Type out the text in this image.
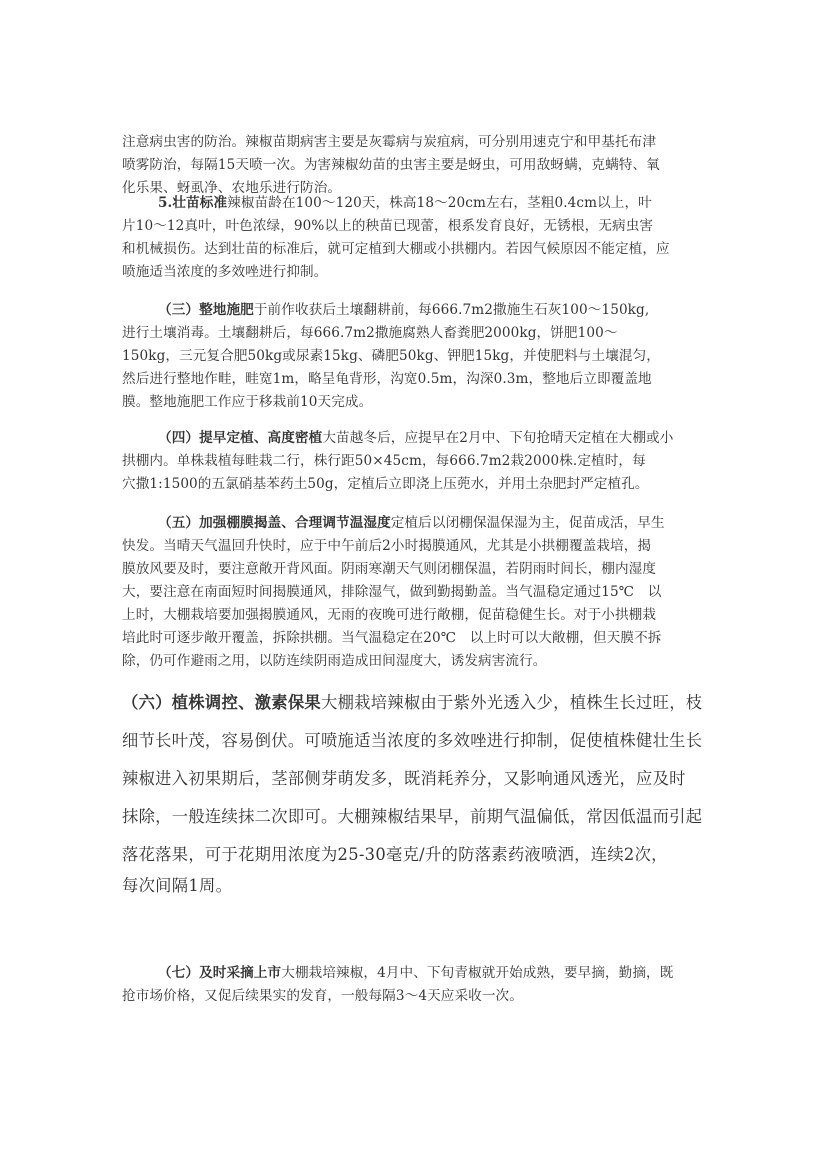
注意病虫害的防治。辣椒苗期病害主要是灰霉病与炭疽病，可分别用速克宁和甲基托布津
喷雾防治，每隔15天喷一次。为害辣椒幼苗的虫害主要是蚜虫，可用敌蚜螨，克螨特、氧
化乐果、蚜虱净、农地乐进行防治。

5.壮苗标准辣椒苗龄在100～120天，株高18～20cm左右，茎粗0.4cm以上，叶
片10～12真叶，叶色浓绿，90%以上的秧苗已现蕾，根系发育良好，无锈根，无病虫害
和机械损伤。达到壮苗的标准后，就可定植到大棚或小拱棚内。若因气候原因不能定植，应
喷施适当浓度的多效唑进行抑制。

（三）整地施肥于前作收获后土壤翻耕前，每666.7m2撒施生石灰100～150kg,
进行土壤消毒。土壤翻耕后，每666.7m2撒施腐熟人畜粪肥2000kg，饼肥100～
150kg，三元复合肥50kg或尿素15kg、磷肥50kg、钾肥15kg，并使肥料与土壤混匀，
然后进行整地作畦，畦宽1m，略呈龟背形，沟宽0.5m，沟深0.3m，整地后立即覆盖地
膜。整地施肥工作应于移栽前10天完成。

（四）提早定植、高度密植大苗越冬后，应提早在2月中、下旬抢晴天定植在大棚或小
拱棚内。单株栽植每畦栽二行，株行距50×45cm，每666.7m2栽2000株.定植时，每
穴撒1:1500的五氯硝基苯药土50g，定植后立即浇上压蔸水，并用土杂肥封严定植孔。

（五）加强棚膜揭盖、合理调节温湿度定植后以闭棚保温保湿为主，促苗成活，早生
快发。当晴天气温回升快时，应于中午前后2小时揭膜通风，尤其是小拱棚覆盖栽培，揭
膜放风要及时，要注意敞开背风面。阴雨寒潮天气则闭棚保温，若阴雨时间长，棚内湿度
大，要注意在南面短时间揭膜通风，排除湿气，做到勤揭勤盖。当气温稳定通过15℃　以
上时，大棚栽培要加强揭膜通风，无雨的夜晚可进行敞棚，促苗稳健生长。对于小拱棚栽
培此时可逐步敞开覆盖，拆除拱棚。当气温稳定在20℃　以上时可以大敞棚，但天膜不拆
除，仍可作避雨之用，以防连续阴雨造成田间湿度大，诱发病害流行。

（六）植株调控、激素保果大棚栽培辣椒由于紫外光透入少，植株生长过旺，枝
细节长叶茂，容易倒伏。可喷施适当浓度的多效唑进行抑制，促使植株健壮生长
辣椒进入初果期后，茎部侧芽萌发多，既消耗养分，又影响通风透光，应及时
抹除，一般连续抹二次即可。大棚辣椒结果早，前期气温偏低，常因低温而引起
落花落果，可于花期用浓度为25-30毫克/升的防落素药液喷洒，连续2次，
每次间隔1周。

（七）及时采摘上市大棚栽培辣椒，4月中、下旬青椒就开始成熟，要早摘，勤摘，既
抢市场价格，又促后续果实的发育，一般每隔3～4天应采收一次。
